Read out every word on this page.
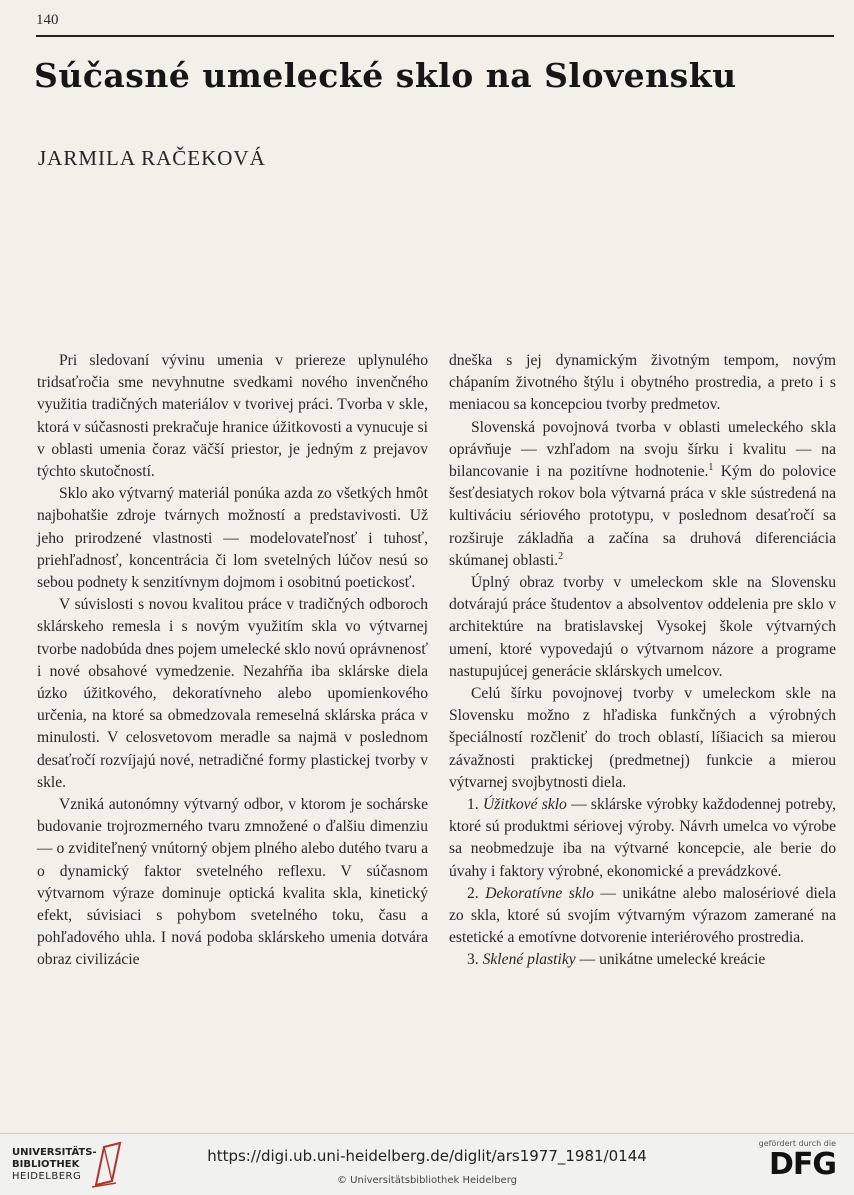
140
Súčasné umelecké sklo na Slovensku
JARMILA RAČEKOVÁ

Pri sledovaní vývinu umenia v priereze uplynulého tridsaťročia sme nevyhnutne svedkami nového invenčného využitia tradičných materiálov v tvorivej práci. Tvorba v skle, ktorá v súčasnosti prekračuje hranice úžitkovosti a vynucuje si v oblasti umenia čoraz väčší priestor, je jedným z prejavov týchto skutočností.

Sklo ako výtvarný materiál ponúka azda zo všetkých hmôt najbohatšie zdroje tvárnych možností a predstavivosti. Už jeho prirodzené vlastnosti — modelovateľnosť i tuhosť, priehľadnosť, koncentrácia či lom svetelných lúčov nesú so sebou podnety k senzitívnym dojmom i osobitnú poetickosť.

V súvislosti s novou kvalitou práce v tradičných odboroch sklárskeho remesla i s novým využitím skla vo výtvarnej tvorbe nadobúda dnes pojem umelecké sklo novú oprávnenosť i nové obsahové vymedzenie. Nezahŕňa iba sklárske diela úzko úžitkového, dekoratívneho alebo upomienkového určenia, na ktoré sa obmedzovala remeselná sklárska práca v minulosti. V celosvetovom meradle sa najmä v poslednom desaťročí rozvíjajú nové, netradičné formy plastickej tvorby v skle.

Vzniká autonómny výtvarný odbor, v ktorom je sochárske budovanie trojrozmerného tvaru zmnožené o ďalšiu dimenziu — o zviditeľnený vnútorný objem plného alebo dutého tvaru a o dynamický faktor svetelného reflexu. V súčasnom výtvarnom výraze dominuje optická kvalita skla, kinetický efekt, súvisiaci s pohybom svetelného toku, času a pohľadového uhla. I nová podoba sklárskeho umenia dotvára obraz civilizácie

dneška s jej dynamickým životným tempom, novým chápaním životného štýlu i obytného prostredia, a preto i s meniacou sa koncepciou tvorby predmetov.

Slovenská povojnová tvorba v oblasti umeleckého skla oprávňuje — vzhľadom na svoju šírku i kvalitu — na bilancovanie i na pozitívne hodnotenie.$^1$ Kým do polovice šesťdesiatych rokov bola výtvarná práca v skle sústredená na kultiváciu sériového prototypu, v poslednom desaťročí sa rozširuje základňa a začína sa druhová diferenciácia skúmanej oblasti.$^2$

Úplný obraz tvorby v umeleckom skle na Slovensku dotvárajú práce študentov a absolventov oddelenia pre sklo v architektúre na bratislavskej Vysokej škole výtvarných umení, ktoré vypovedajú o výtvarnom názore a programe nastupujúcej generácie sklárskych umelcov.

Celú šírku povojnovej tvorby v umeleckom skle na Slovensku možno z hľadiska funkčných a výrobných špeciálností rozčleniť do troch oblastí, líšiacich sa mierou závažnosti praktickej (predmetnej) funkcie a mierou výtvarnej svojbytnosti diela.

1. Úžitkové sklo — sklárske výrobky každodennej potreby, ktoré sú produktmi sériovej výroby. Návrh umelca vo výrobe sa neobmedzuje iba na výtvarné koncepcie, ale berie do úvahy i faktory výrobné, ekonomické a prevádzkové.

2. Dekoratívne sklo — unikátne alebo malosériové diela zo skla, ktoré sú svojím výtvarným výrazom zamerané na estetické a emotívne dotvorenie interiérového prostredia.

3. Sklené plastiky — unikátne umelecké kreácie

UNIVERSITÄTS-
BIBLIOTHEK
HEIDELBERG
https://digi.ub.uni-heidelberg.de/diglit/ars1977_1981/0144
© Universitätsbibliothek Heidelberg
gefördert durch die
DFG
